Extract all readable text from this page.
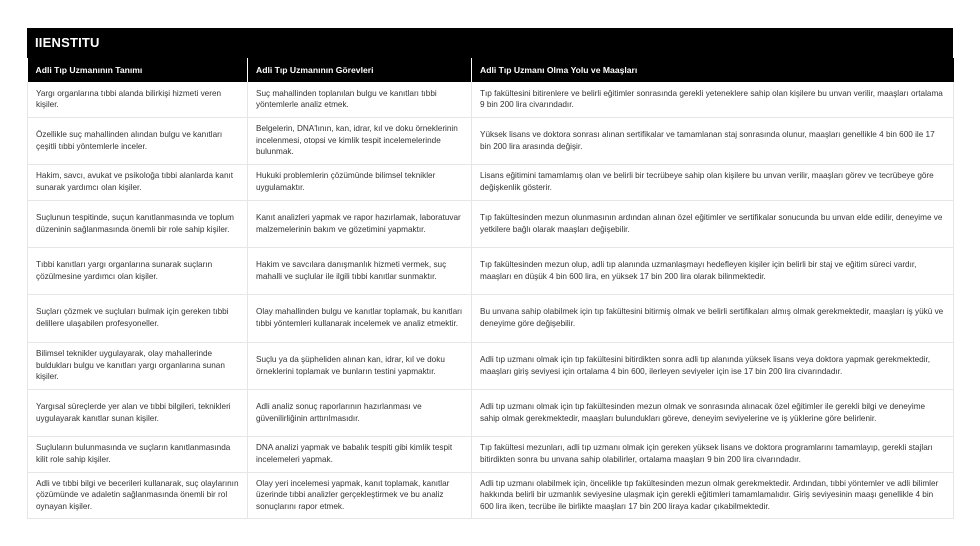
IIENSTITU
Adli Tıp Uzmanının Tanımı	Adli Tıp Uzmanının Görevleri	Adli Tıp Uzmanı Olma Yolu ve Maaşları
Yargı organlarına tıbbi alanda bilirkişi hizmeti veren kişiler.	Suç mahallinden toplanılan bulgu ve kanıtları tıbbi yöntemlerle analiz etmek.	Tıp fakültesini bitirenlere ve belirli eğitimler sonrasında gerekli yeteneklere sahip olan kişilere bu unvan verilir, maaşları ortalama 9 bin 200 lira civarındadır.
Özellikle suç mahallinden alından bulgu ve kanıtları çeşitli tıbbi yöntemlerle inceler.	Belgelerin, DNA'lının, kan, idrar, kıl ve doku örneklerinin incelenmesi, otopsi ve kimlik tespit incelemelerinde bulunmak.	Yüksek lisans ve doktora sonrası alınan sertifikalar ve tamamlanan staj sonrasında olunur, maaşları genellikle 4 bin 600 ile 17 bin 200 lira arasında değişir.
Hakim, savcı, avukat ve psikoloğa tıbbi alanlarda kanıt sunarak yardımcı olan kişiler.	Hukuki problemlerin çözümünde bilimsel teknikler uygulamaktır.	Lisans eğitimini tamamlamış olan ve belirli bir tecrübeye sahip olan kişilere bu unvan verilir, maaşları görev ve tecrübeye göre değişkenlik gösterir.
Suçlunun tespitinde, suçun kanıtlanmasında ve toplum düzeninin sağlanmasında önemli bir role sahip kişiler.	Kanıt analizleri yapmak ve rapor hazırlamak, laboratuvar malzemelerinin bakım ve gözetimini yapmaktır.	Tıp fakültesinden mezun olunmasının ardından alınan özel eğitimler ve sertifikalar sonucunda bu unvan elde edilir, deneyime ve yetkilere bağlı olarak maaşları değişebilir.
Tıbbi kanıtları yargı organlarına sunarak suçların çözülmesine yardımcı olan kişiler.	Hakim ve savcılara danışmanlık hizmeti vermek, suç mahalli ve suçlular ile ilgili tıbbi kanıtlar sunmaktır.	Tıp fakültesinden mezun olup, adli tıp alanında uzmanlaşmayı hedefleyen kişiler için belirli bir staj ve eğitim süreci vardır, maaşları en düşük 4 bin 600 lira, en yüksek 17 bin 200 lira olarak bilinmektedir.
Suçları çözmek ve suçluları bulmak için gereken tıbbi delillere ulaşabilen profesyoneller.	Olay mahallinden bulgu ve kanıtlar toplamak, bu kanıtları tıbbi yöntemleri kullanarak incelemek ve analiz etmektir.	Bu unvana sahip olabilmek için tıp fakültesini bitirmiş olmak ve belirli sertifikaları almış olmak gerekmektedir, maaşları iş yükü ve deneyime göre değişebilir.
Bilimsel teknikler uygulayarak, olay mahallerinde buldukları bulgu ve kanıtları yargı organlarına sunan kişiler.	Suçlu ya da şüpheliden alınan kan, idrar, kıl ve doku örneklerini toplamak ve bunların testini yapmaktır.	Adli tıp uzmanı olmak için tıp fakültesini bitirdikten sonra adli tıp alanında yüksek lisans veya doktora yapmak gerekmektedir, maaşları giriş seviyesi için ortalama 4 bin 600, ilerleyen seviyeler için ise 17 bin 200 lira civarındadır.
Yargısal süreçlerde yer alan ve tıbbi bilgileri, teknikleri uygulayarak kanıtlar sunan kişiler.	Adli analiz sonuç raporlarının hazırlanması ve güvenilirliğinin arttırılmasıdır.	Adli tıp uzmanı olmak için tıp fakültesinden mezun olmak ve sonrasında alınacak özel eğitimler ile gerekli bilgi ve deneyime sahip olmak gerekmektedir, maaşları bulundukları göreve, deneyim seviyelerine ve iş yüklerine göre belirlenir.
Suçluların bulunmasında ve suçların kanıtlanmasında kilit role sahip kişiler.	DNA analizi yapmak ve babalık tespiti gibi kimlik tespit incelemeleri yapmak.	Tıp fakültesi mezunları, adli tıp uzmanı olmak için gereken yüksek lisans ve doktora programlarını tamamlayıp, gerekli stajları bitirdikten sonra bu unvana sahip olabilirler, ortalama maaşları 9 bin 200 lira civarındadır.
Adli ve tıbbi bilgi ve becerileri kullanarak, suç olaylarının çözümünde ve adaletin sağlanmasında önemli bir rol oynayan kişiler.	Olay yeri incelemesi yapmak, kanıt toplamak, kanıtlar üzerinde tıbbi analizler gerçekleştirmek ve bu analiz sonuçlarını rapor etmek.	Adli tıp uzmanı olabilmek için, öncelikle tıp fakültesinden mezun olmak gerekmektedir. Ardından, tıbbi yöntemler ve adli bilimler hakkında belirli bir uzmanlık seviyesine ulaşmak için gerekli eğitimleri tamamlamalıdır. Giriş seviyesinin maaşı genellikle 4 bin 600 lira iken, tecrübe ile birlikte maaşları 17 bin 200 liraya kadar çıkabilmektedir.
